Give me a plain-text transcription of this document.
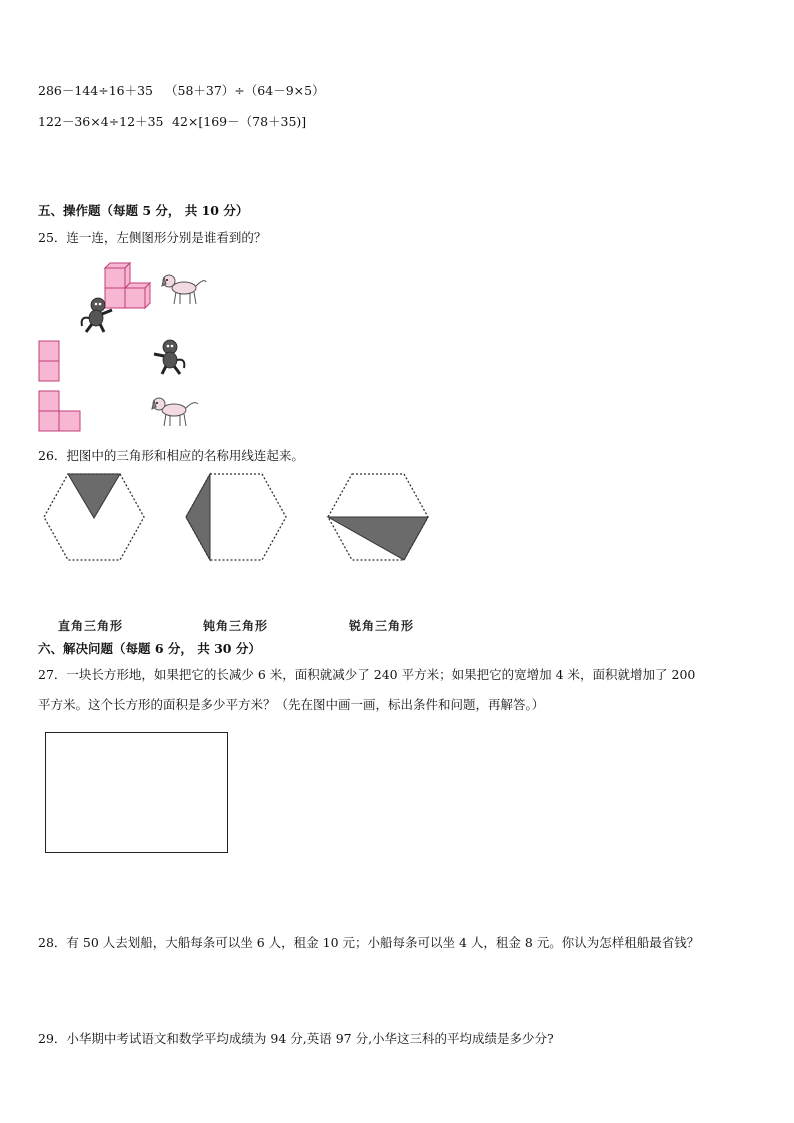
286－144÷16＋35 （58＋37）÷（64－9×5）
122－36×4÷12＋35 42×[169－（78＋35)]
五、操作题（每题 5 分， 共 10 分）
25．连一连，左侧图形分别是谁看到的？
26．把图中的三角形和相应的名称用线连起来。
直角三角形	钝角三角形	锐角三角形
六、解决问题（每题 6 分， 共 30 分）
27．一块长方形地，如果把它的长减少 6 米，面积就减少了 240 平方米；如果把它的宽增加 4 米，面积就增加了 200
平方米。这个长方形的面积是多少平方米？（先在图中画一画，标出条件和问题，再解答。）
28．有 50 人去划船，大船每条可以坐 6 人，租金 10 元；小船每条可以坐 4 人，租金 8 元。你认为怎样租船最省钱？
29．小华期中考试语文和数学平均成绩为 94 分,英语 97 分,小华这三科的平均成绩是多少分?
